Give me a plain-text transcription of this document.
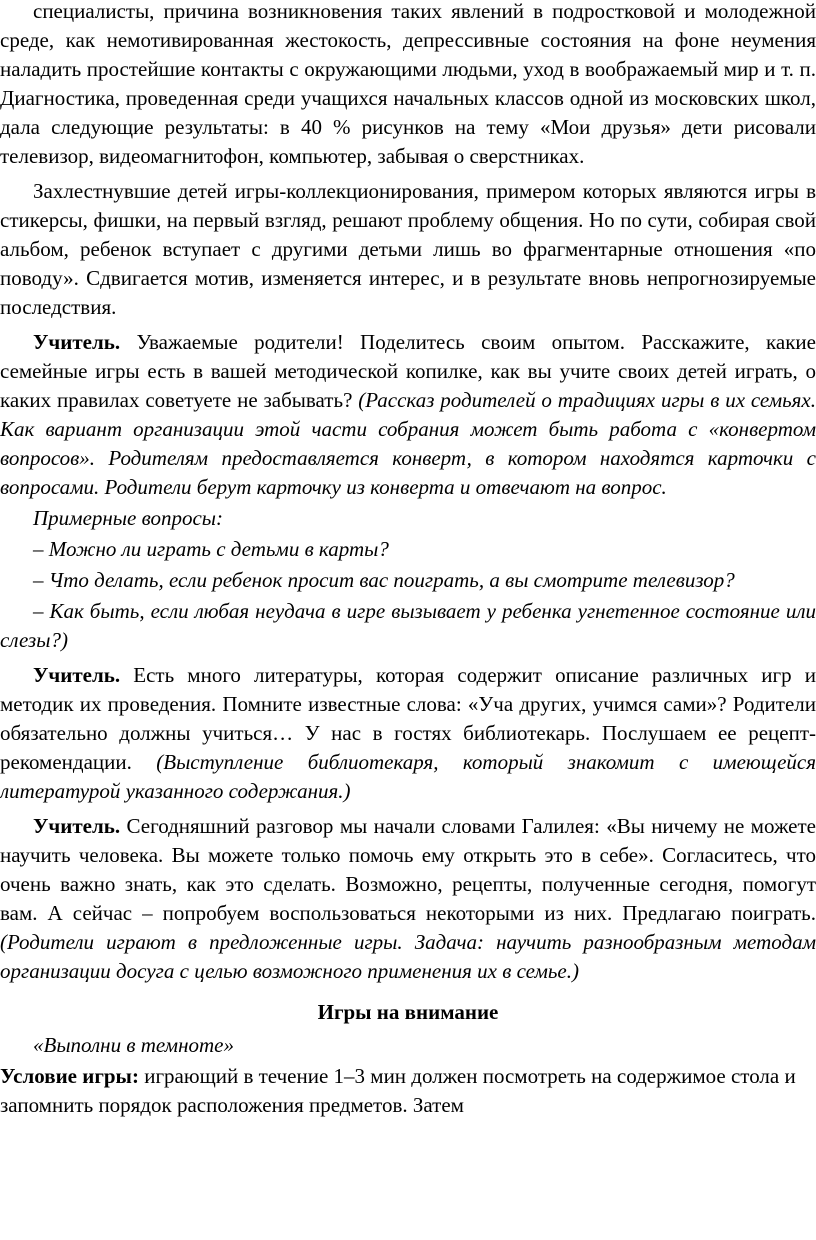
специалисты, причина возникновения таких явлений в подростковой и молодежной среде, как немотивированная жестокость, депрессивные состояния на фоне неумения наладить простейшие контакты с окружающими людьми, уход в воображаемый мир и т. п. Диагностика, проведенная среди учащихся начальных классов одной из московских школ, дала следующие результаты: в 40 % рисунков на тему «Мои друзья» дети рисовали телевизор, видеомагнитофон, компьютер, забывая о сверстниках.

Захлестнувшие детей игры-коллекционирования, примером которых являются игры в стикерсы, фишки, на первый взгляд, решают проблему общения. Но по сути, собирая свой альбом, ребенок вступает с другими детьми лишь во фрагментарные отношения «по поводу». Сдвигается мотив, изменяется интерес, и в результате вновь непрогнозируемые последствия.

Учитель. Уважаемые родители! Поделитесь своим опытом. Расскажите, какие семейные игры есть в вашей методической копилке, как вы учите своих детей играть, о каких правилах советуете не забывать? (Рассказ родителей о традициях игры в их семьях. Как вариант организации этой части собрания может быть работа с «конвертом вопросов». Родителям предоставляется конверт, в котором находятся карточки с вопросами. Родители берут карточку из конверта и отвечают на вопрос.

Примерные вопросы:

– Можно ли играть с детьми в карты?

– Что делать, если ребенок просит вас поиграть, а вы смотрите телевизор?

– Как быть, если любая неудача в игре вызывает у ребенка угнетенное состояние или слезы?)

Учитель. Есть много литературы, которая содержит описание различных игр и методик их проведения. Помните известные слова: «Уча других, учимся сами»? Родители обязательно должны учиться… У нас в гостях библиотекарь. Послушаем ее рецепт-рекомендации. (Выступление библиотекаря, который знакомит с имеющейся литературой указанного содержания.)

Учитель. Сегодняшний разговор мы начали словами Галилея: «Вы ничему не можете научить человека. Вы можете только помочь ему открыть это в себе». Согласитесь, что очень важно знать, как это сделать. Возможно, рецепты, полученные сегодня, помогут вам. А сейчас – попробуем воспользоваться некоторыми из них. Предлагаю поиграть. (Родители играют в предложенные игры. Задача: научить разнообразным методам организации досуга с целью возможного применения их в семье.)

Игры на внимание

«Выполни в темноте»

Условие игры: играющий в течение 1–3 мин должен посмотреть на содержимое стола и запомнить порядок расположения предметов. Затем
